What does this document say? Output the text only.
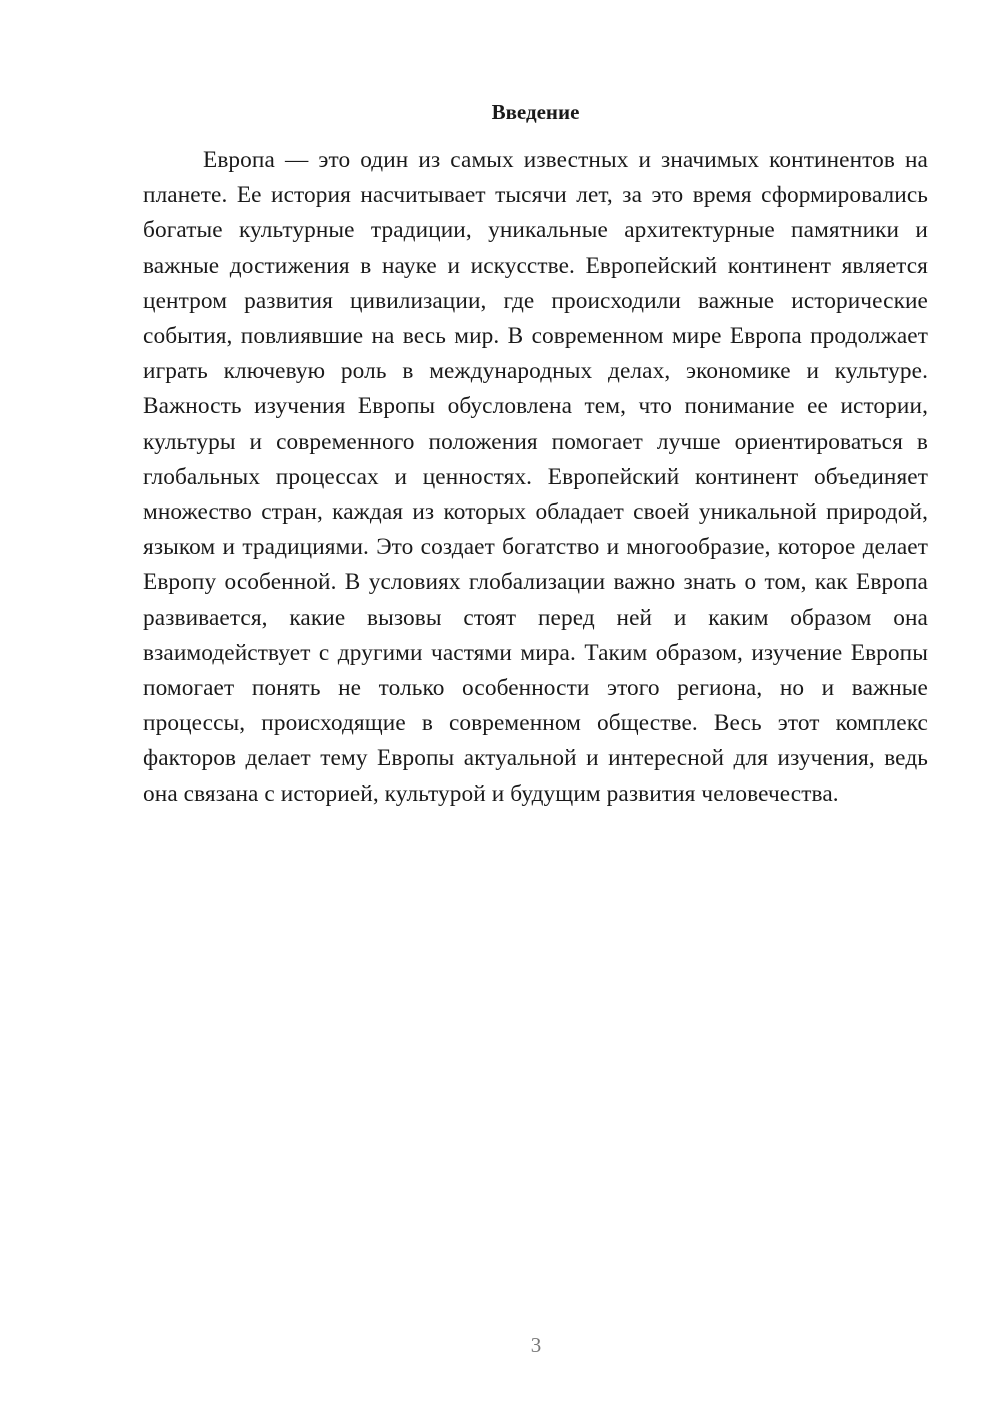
Введение

Европа — это один из самых известных и значимых континентов на планете. Ее история насчитывает тысячи лет, за это время сформировались богатые культурные традиции, уникальные архитектурные памятники и важные достижения в науке и искусстве. Европейский континент является центром развития цивилизации, где происходили важные исторические события, повлиявшие на весь мир. В современном мире Европа продолжает играть ключевую роль в международных делах, экономике и культуре. Важность изучения Европы обусловлена тем, что понимание ее истории, культуры и современного положения помогает лучше ориентироваться в глобальных процессах и ценностях. Европейский континент объединяет множество стран, каждая из которых обладает своей уникальной природой, языком и традициями. Это создает богатство и многообразие, которое делает Европу особенной. В условиях глобализации важно знать о том, как Европа развивается, какие вызовы стоят перед ней и каким образом она взаимодействует с другими частями мира. Таким образом, изучение Европы помогает понять не только особенности этого региона, но и важные процессы, происходящие в современном обществе. Весь этот комплекс факторов делает тему Европы актуальной и интересной для изучения, ведь она связана с историей, культурой и будущим развития человечества.

3
